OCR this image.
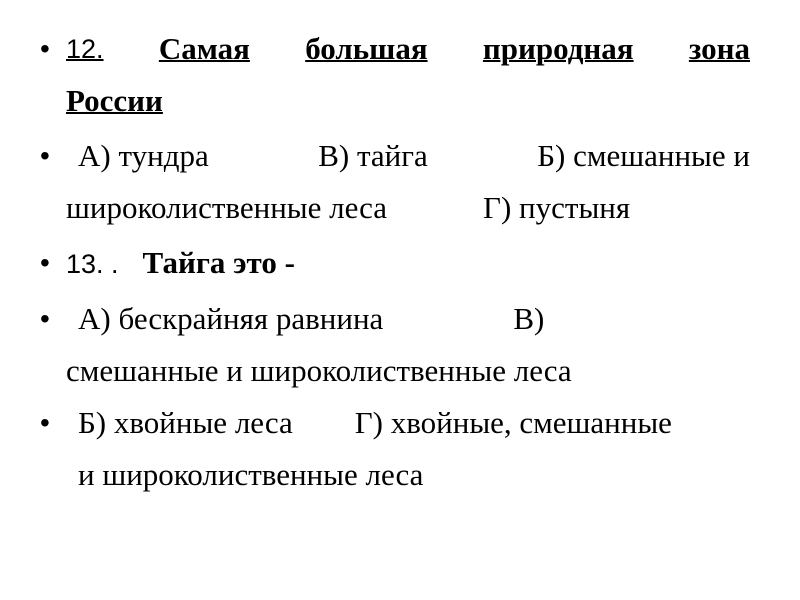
• 12. Самая большая природная зона
России
• А) тундра	В) тайга	Б) смешанные и
широколиственные леса	Г) пустыня
• 13. . Тайга это -
• А) бескрайняя равнина	В)
смешанные и широколиственные леса
• Б) хвойные леса Г) хвойные, смешанные
и широколиственные леса
